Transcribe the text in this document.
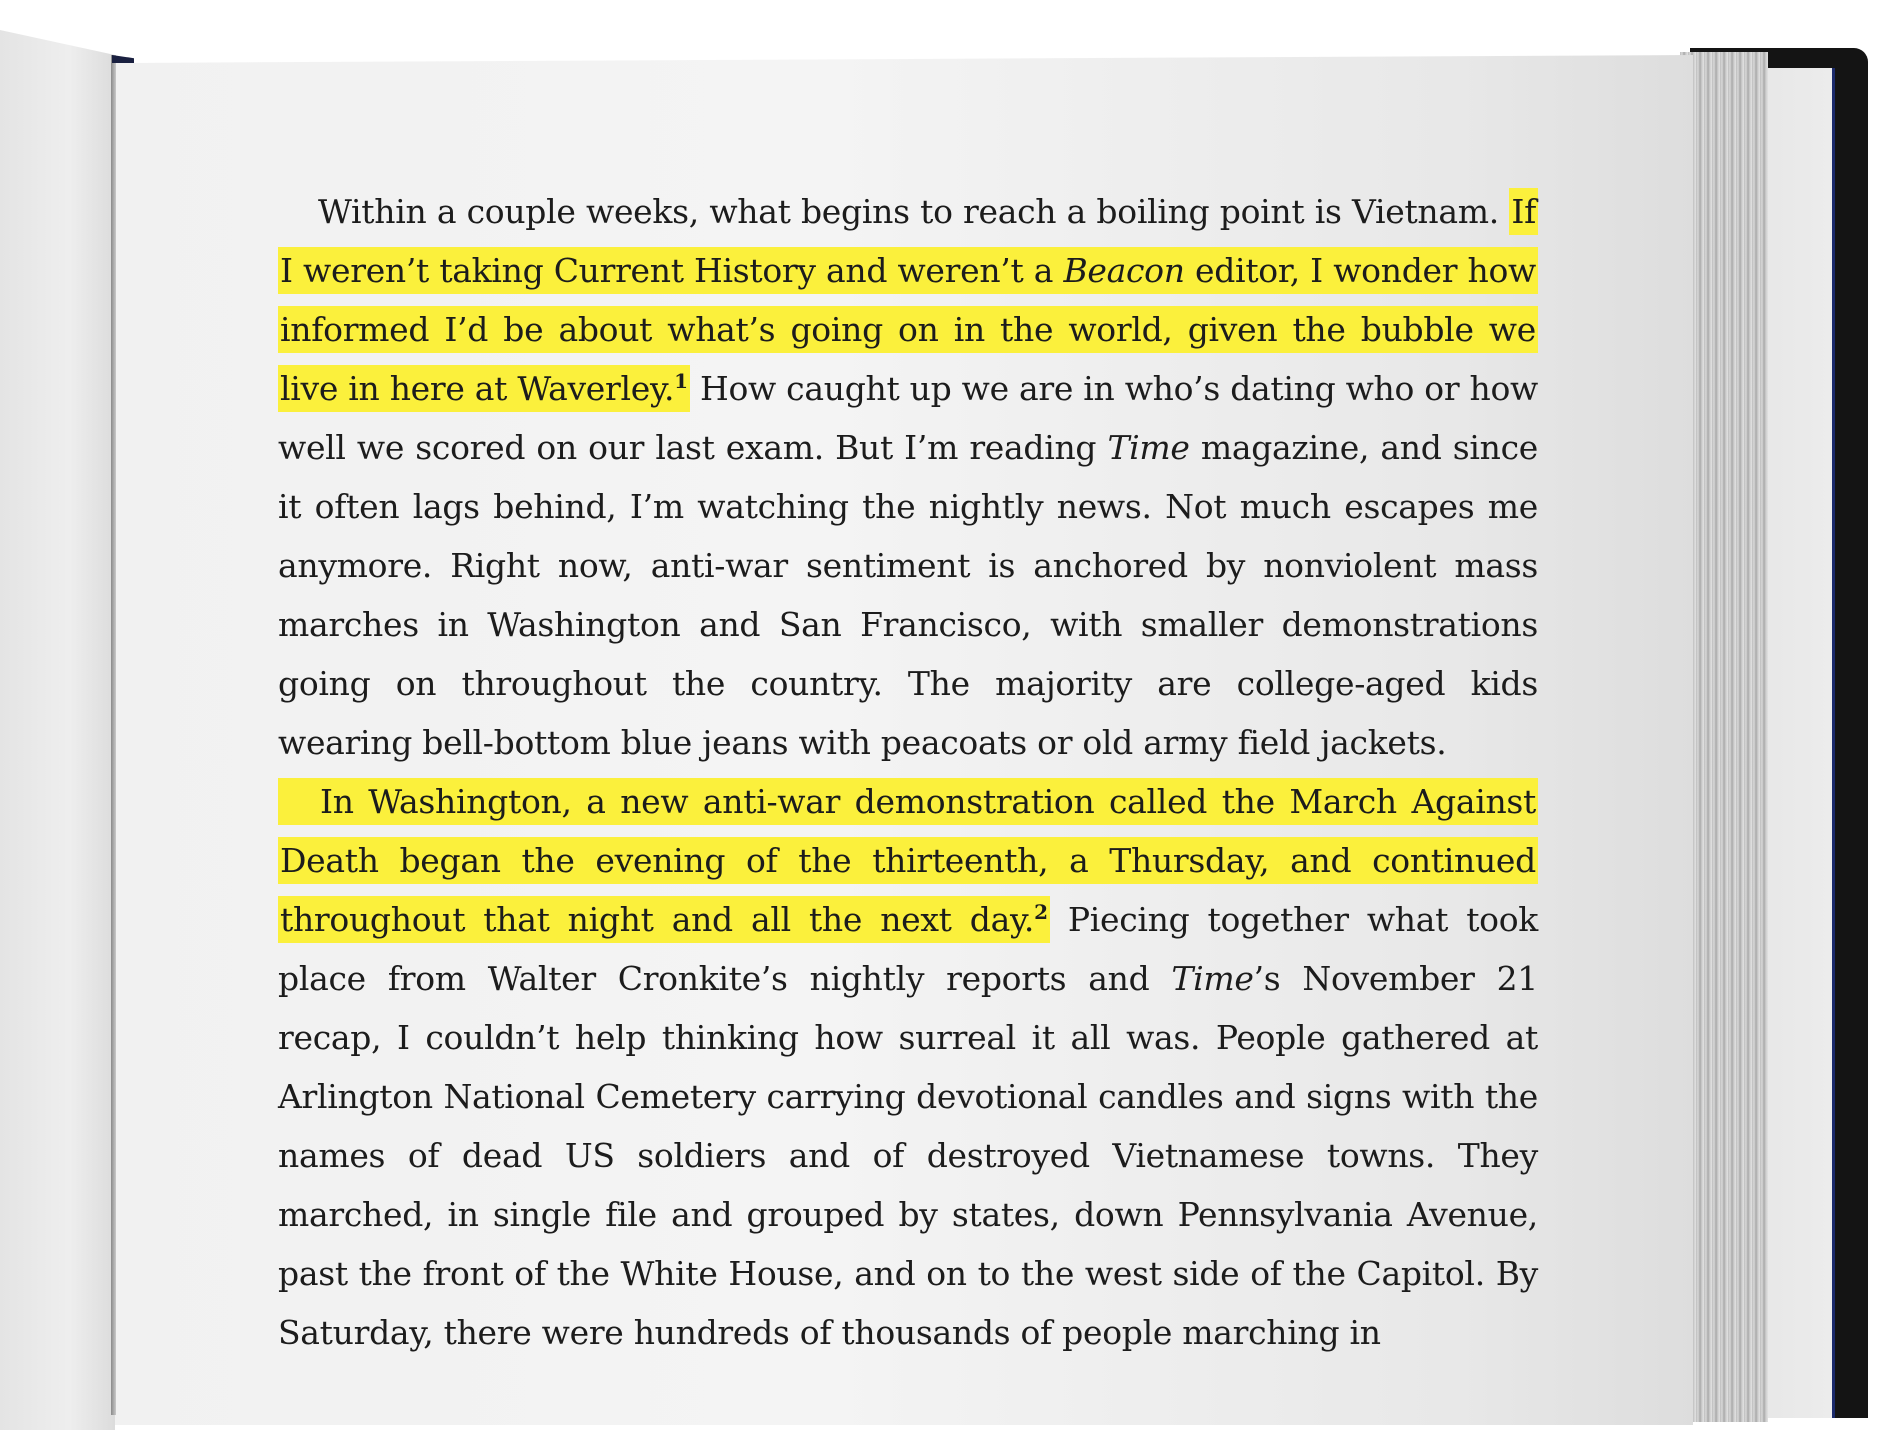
Within a couple weeks, what begins to reach a boiling point is Vietnam. If I weren’t taking Current History and weren’t a Beacon editor, I wonder how informed I’d be about what’s going on in the world, given the bubble we live in here at Waverley.$^1$ How caught up we are in who’s dating who or how well we scored on our last exam. But I’m reading Time magazine, and since it often lags behind, I’m watching the nightly news. Not much escapes me anymore. Right now, anti-war sentiment is anchored by nonviolent mass marches in Washington and San Francisco, with smaller demonstrations going on throughout the country. The majority are college-aged kids wearing bell-bottom blue jeans with peacoats or old army field jackets.

In Washington, a new anti-war demonstration called the March Against Death began the evening of the thirteenth, a Thursday, and continued throughout that night and all the next day.$^2$ Piecing together what took place from Walter Cronkite’s nightly reports and Time’s November 21 recap, I couldn’t help thinking how surreal it all was. People gathered at Arlington National Cemetery carrying devotional candles and signs with the names of dead US soldiers and of destroyed Vietnamese towns. They marched, in single file and grouped by states, down Pennsylvania Avenue, past the front of the White House, and on to the west side of the Capitol. By Saturday, there were hundreds of thousands of people marching in
